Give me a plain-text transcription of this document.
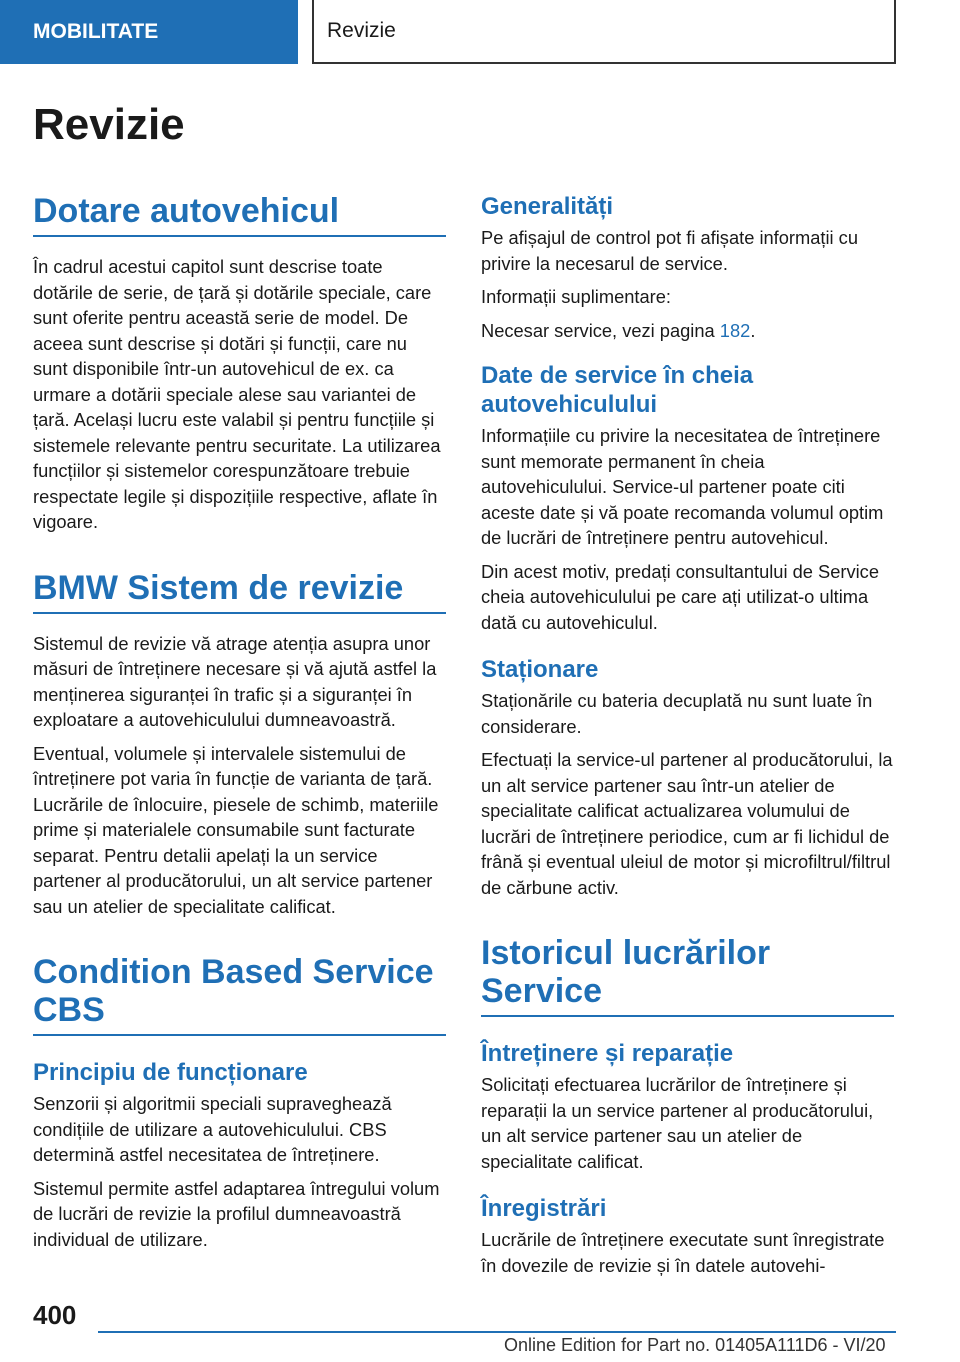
MOBILITATE	Revizie
Revizie
Dotare autovehicul

În cadrul acestui capitol sunt descrise toate dotările de serie, de țară și dotările speciale, care sunt oferite pentru această serie de model. De aceea sunt descrise și dotări și funcții, care nu sunt disponibile într-un autovehicul de ex. ca urmare a dotării speciale alese sau variantei de țară. Același lucru este valabil și pentru funcțiile și sistemele relevante pentru securitate. La utilizarea funcțiilor și sistemelor corespunzătoare trebuie respectate legile și dispozițiile respective, aflate în vigoare.

BMW Sistem de revizie

Sistemul de revizie vă atrage atenția asupra unor măsuri de întreținere necesare și vă ajută astfel la menținerea siguranței în trafic și a siguranței în exploatare a autovehiculului dumneavoastră.

Eventual, volumele și intervalele sistemului de întreținere pot varia în funcție de varianta de țară. Lucrările de înlocuire, piesele de schimb, materiile prime și materialele consumabile sunt facturate separat. Pentru detalii apelați la un service partener al producătorului, un alt service partener sau un atelier de specialitate calificat.

Condition Based Service CBS
Principiu de funcționare

Senzorii și algoritmii speciali supraveghează condițiile de utilizare a autovehiculului. CBS determină astfel necesitatea de întreținere.

Sistemul permite astfel adaptarea întregului volum de lucrări de revizie la profilul dumneavoastră individual de utilizare.

Generalități

Pe afișajul de control pot fi afișate informații cu privire la necesarul de service.

Informații suplimentare:

Necesar service, vezi pagina 182.

Date de service în cheia autovehiculului

Informațiile cu privire la necesitatea de întreținere sunt memorate permanent în cheia autovehiculului. Service-ul partener poate citi aceste date și vă poate recomanda volumul optim de lucrări de întreținere pentru autovehicul.

Din acest motiv, predați consultantului de Service cheia autovehiculului pe care ați utilizat-o ultima dată cu autovehiculul.

Staționare

Staționările cu bateria decuplată nu sunt luate în considerare.

Efectuați la service-ul partener al producătorului, la un alt service partener sau într-un atelier de specialitate calificat actualizarea volumului de lucrări de întreținere periodice, cum ar fi lichidul de frână și eventual uleiul de motor și microfiltrul/filtrul de cărbune activ.

Istoricul lucrărilor Service
Întreținere și reparație

Solicitați efectuarea lucrărilor de întreținere și reparații la un service partener al producătorului, un alt service partener sau un atelier de specialitate calificat.

Înregistrări

Lucrările de întreținere executate sunt înregistrate în dovezile de revizie și în datele autovehi-

400
Online Edition for Part no. 01405A111D6 - VI/20
